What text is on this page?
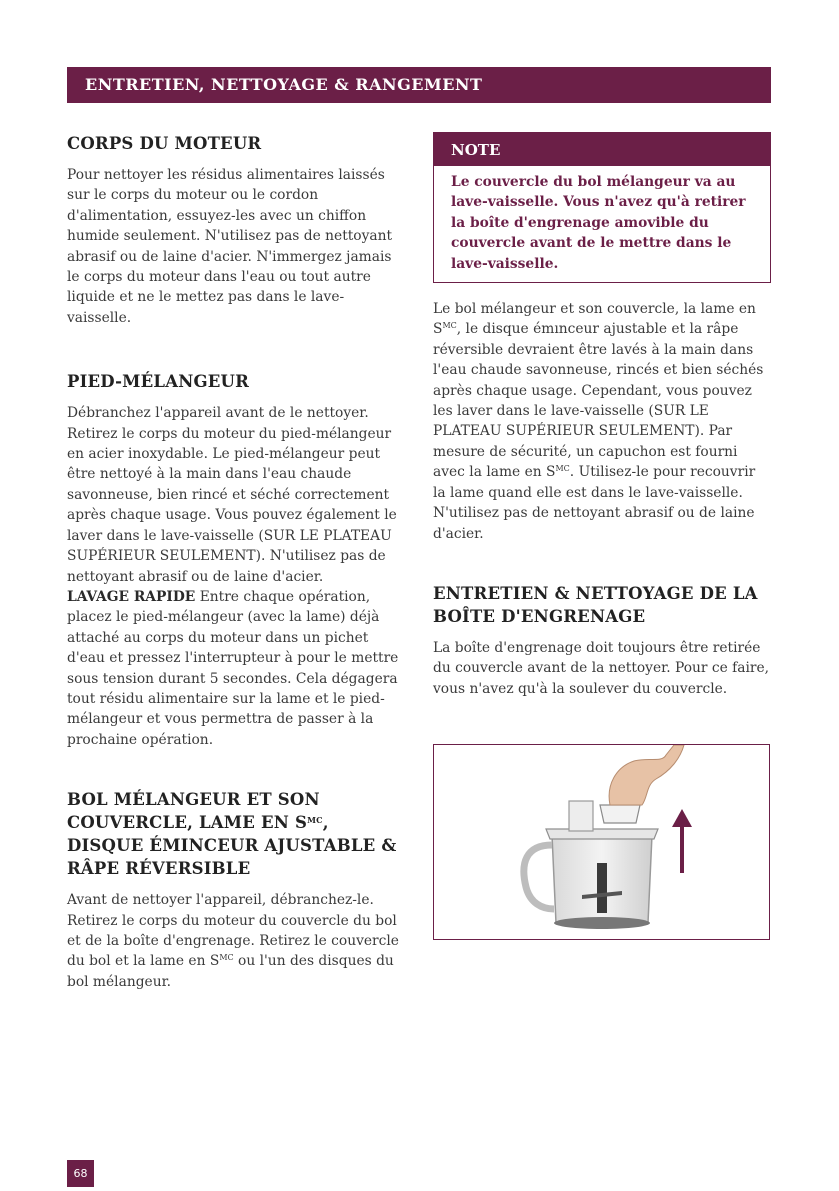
ENTRETIEN, NETTOYAGE & RANGEMENT
CORPS DU MOTEUR

Pour nettoyer les résidus alimentaires laissés sur le corps du moteur ou le cordon d'alimentation, essuyez-les avec un chiffon humide seulement. N'utilisez pas de nettoyant abrasif ou de laine d'acier. N'immergez jamais le corps du moteur dans l'eau ou tout autre liquide et ne le mettez pas dans le lave-vaisselle.

PIED-MÉLANGEUR

Débranchez l'appareil avant de le nettoyer. Retirez le corps du moteur du pied-mélangeur en acier inoxydable. Le pied-mélangeur peut être nettoyé à la main dans l'eau chaude savonneuse, bien rincé et séché correctement après chaque usage. Vous pouvez également le laver dans le lave-vaisselle (SUR LE PLATEAU SUPÉRIEUR SEULEMENT). N'utilisez pas de nettoyant abrasif ou de laine d'acier.

LAVAGE RAPIDE Entre chaque opération, placez le pied-mélangeur (avec la lame) déjà attaché au corps du moteur dans un pichet d'eau et pressez l'interrupteur à pour le mettre sous tension durant 5 secondes. Cela dégagera tout résidu alimentaire sur la lame et le pied-mélangeur et vous permettra de passer à la

prochaine opération.

BOL MÉLANGEUR ET SON COUVERCLE, LAME EN $S^{MC}$, DISQUE ÉMINCEUR AJUSTABLE & RÂPE RÉVERSIBLE

Avant de nettoyer l'appareil, débranchez-le. Retirez le corps du moteur du couvercle du bol et de la boîte d'engrenage. Retirez le couvercle du bol et la lame en $S^{MC}$ ou l'un des disques du bol mélangeur.

NOTE
Le couvercle du bol mélangeur va au lave-vaisselle. Vous n'avez qu'à retirer la boîte d'engrenage amovible du couvercle avant de le mettre dans le lave-vaisselle.

Le bol mélangeur et son couvercle, la lame en $S^{MC}$, le disque émınceur ajustable et la râpe réversible devraient être lavés à la main dans l'eau chaude savonneuse, rincés et bien séchés après chaque usage. Cependant, vous pouvez les laver dans le lave-vaisselle (SUR LE PLATEAU SUPÉRIEUR SEULEMENT). Par mesure de sécurité, un capuchon est fourni avec la lame en $S^{MC}$. Utilisez-le pour recouvrir la lame quand elle est dans le lave-vaisselle. N'utilisez pas de nettoyant abrasif ou de laine d'acier.

ENTRETIEN & NETTOYAGE DE LA BOÎTE D'ENGRENAGE

La boîte d'engrenage doit toujours être retirée du couvercle avant de la nettoyer. Pour ce faire, vous n'avez qu'à la soulever du couvercle.

68
